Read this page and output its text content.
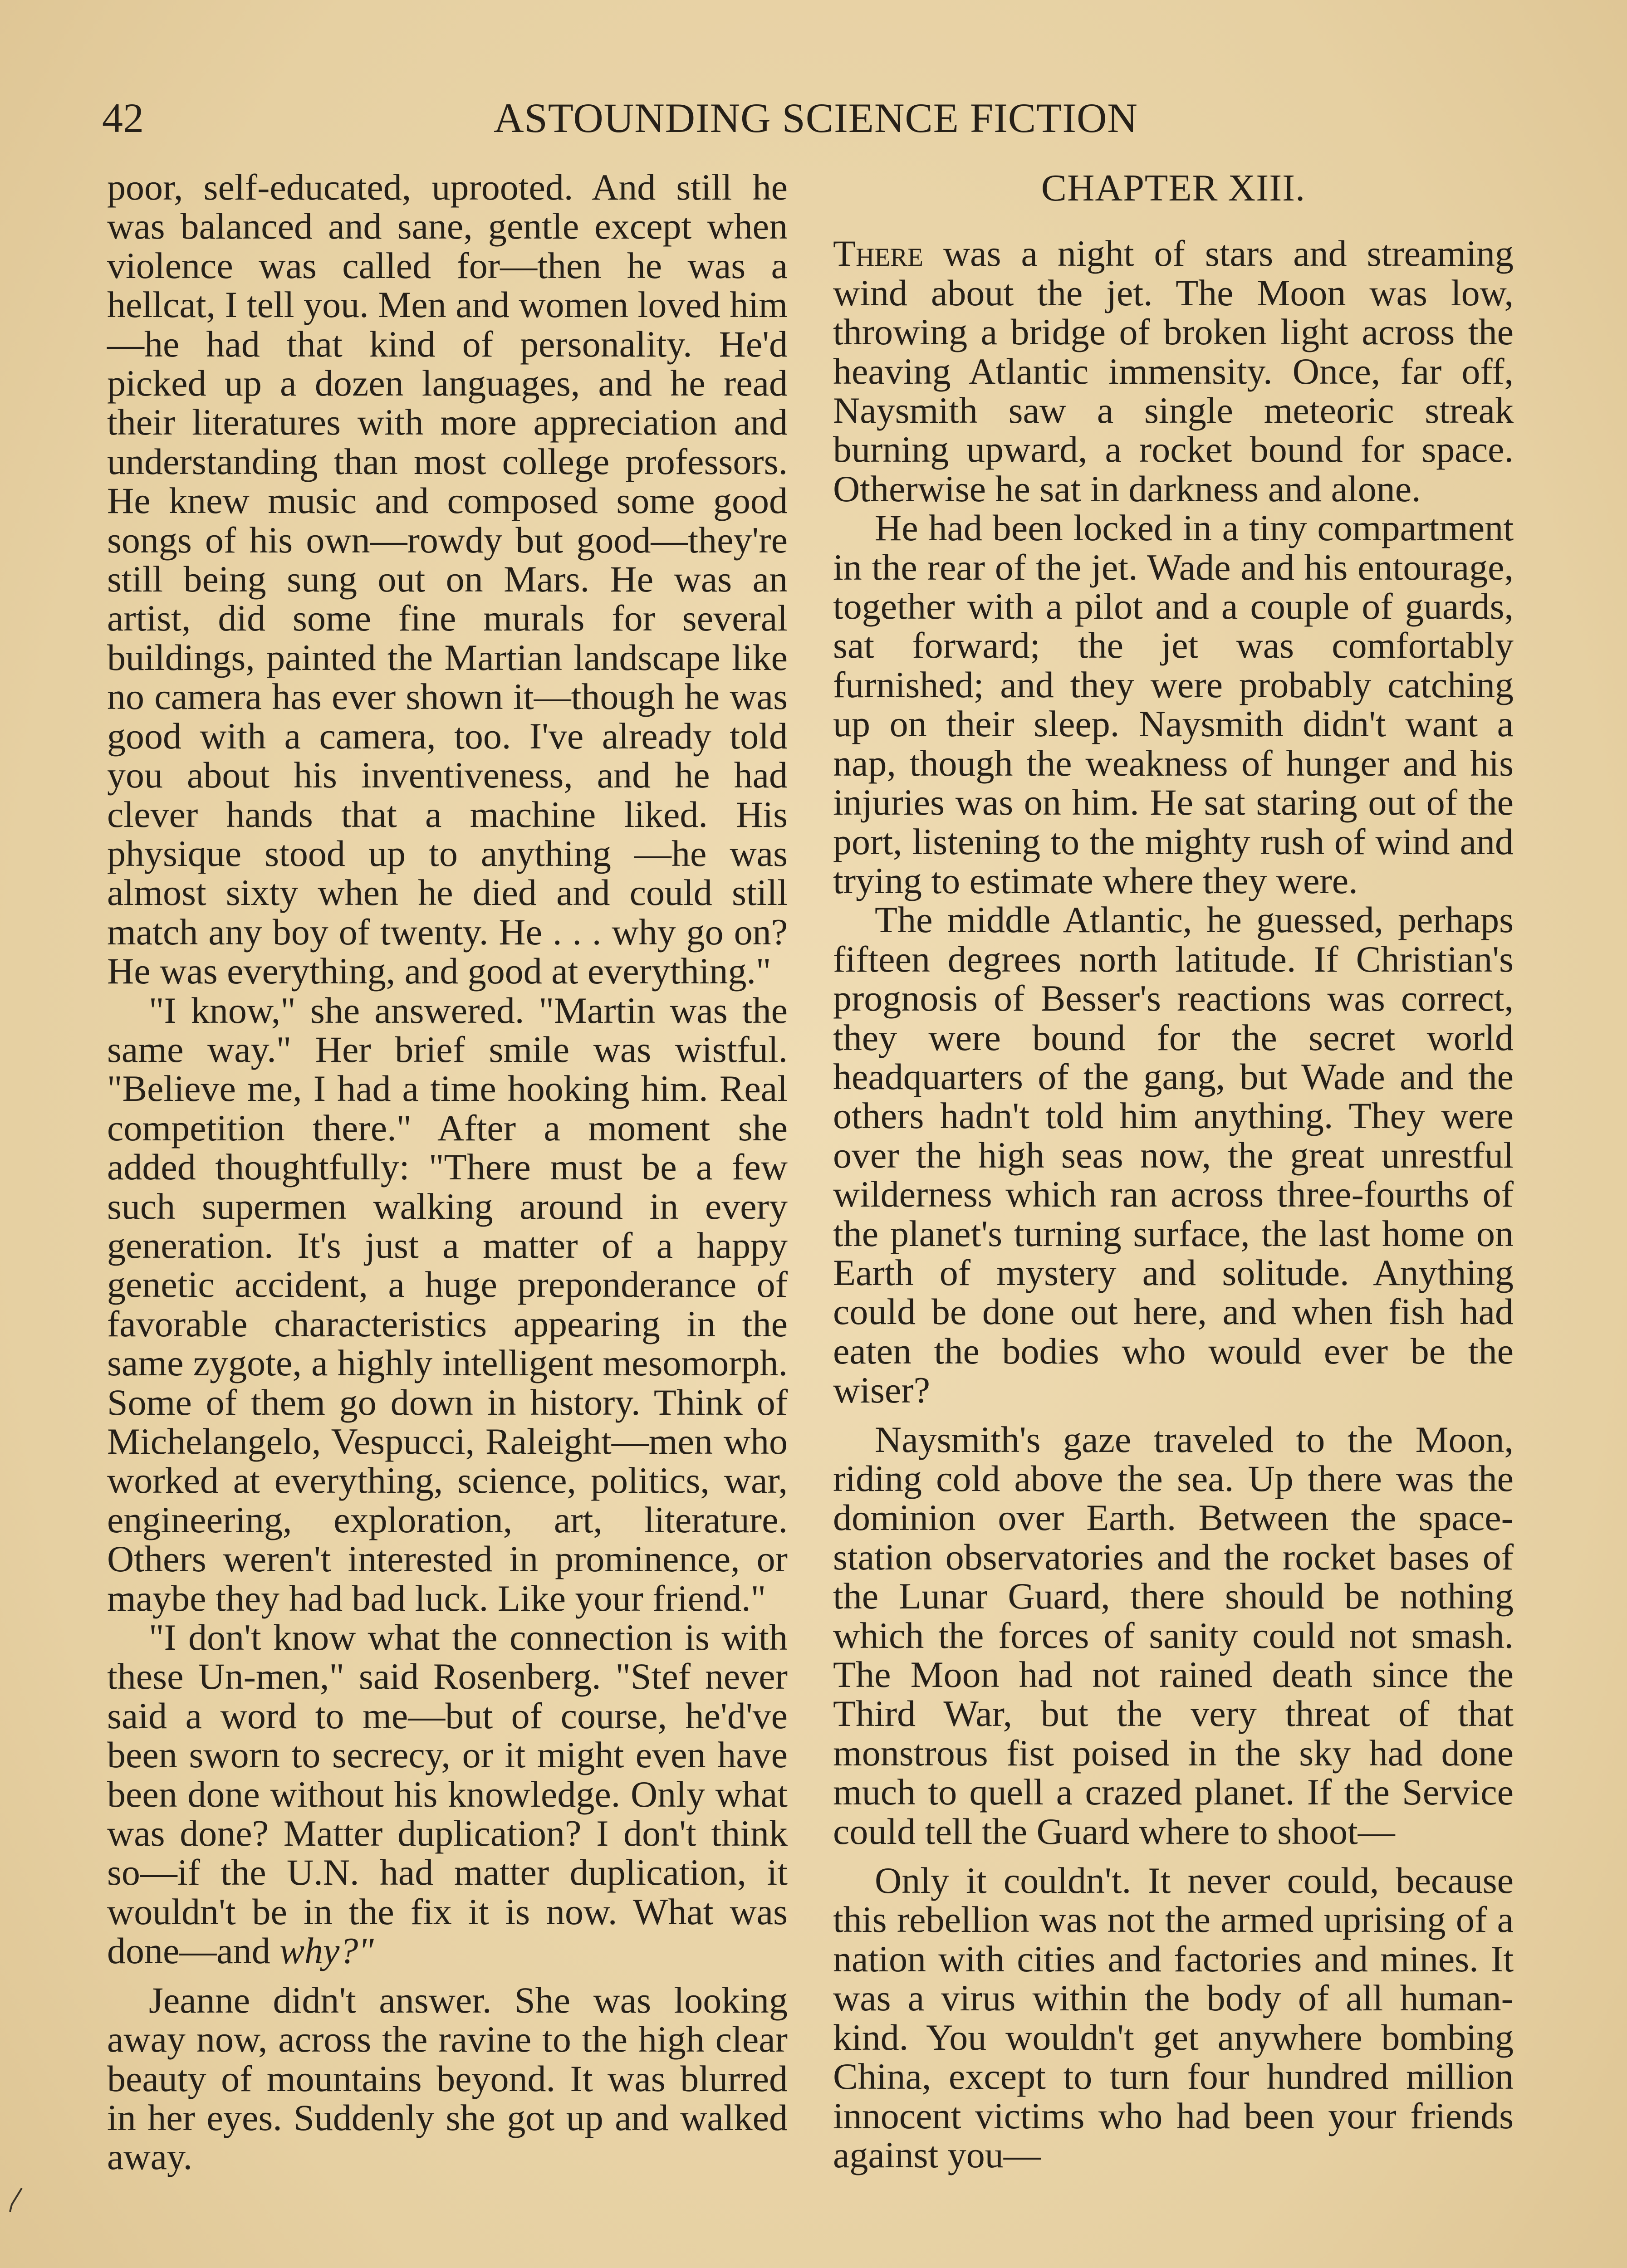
42	ASTOUNDING SCIENCE FICTION

poor, self-educated, uprooted. And still he was balanced and sane, gentle except when violence was called for—then he was a hellcat, I tell you. Men and women loved him—he had that kind of personality. He'd picked up a dozen languages, and he read their literatures with more appreciation and understanding than most college professors. He knew music and composed some good songs of his own—rowdy but good—they're still being sung out on Mars. He was an artist, did some fine murals for several buildings, painted the Martian landscape like no camera has ever shown it—though he was good with a camera, too. I've already told you about his inventiveness, and he had clever hands that a machine liked. His physique stood up to anything —he was almost sixty when he died and could still match any boy of twenty. He . . . why go on? He was everything, and good at everything."

"I know," she answered. "Martin was the same way." Her brief smile was wistful. "Believe me, I had a time hooking him. Real competition there." After a moment she added thoughtfully: "There must be a few such supermen walking around in every generation. It's just a matter of a happy genetic accident, a huge preponderance of favorable characteristics appearing in the same zygote, a highly intelligent mesomorph. Some of them go down in history. Think of Michelangelo, Vespucci, Raleight—men who worked at everything, science, politics, war, engineering, exploration, art, literature. Others weren't interested in prominence, or maybe they had bad luck. Like your friend."

"I don't know what the connection is with these Un-men," said Rosenberg. "Stef never said a word to me—but of course, he'd've been sworn to secrecy, or it might even have been done without his knowledge. Only what was done? Matter duplication? I don't think so—if the U.N. had matter duplication, it wouldn't be in the fix it is now. What was done—and why?"

Jeanne didn't answer. She was looking away now, across the ravine to the high clear beauty of mountains beyond. It was blurred in her eyes. Suddenly she got up and walked away.

CHAPTER XIII.

There was a night of stars and streaming wind about the jet. The Moon was low, throwing a bridge of broken light across the heaving Atlantic immensity. Once, far off, Naysmith saw a single meteoric streak burning upward, a rocket bound for space. Otherwise he sat in darkness and alone.

He had been locked in a tiny compartment in the rear of the jet. Wade and his entourage, together with a pilot and a couple of guards, sat forward; the jet was comfortably furnished; and they were probably catching up on their sleep. Naysmith didn't want a nap, though the weakness of hunger and his injuries was on him. He sat staring out of the port, listening to the mighty rush of wind and trying to estimate where they were.

The middle Atlantic, he guessed, perhaps fifteen degrees north latitude. If Christian's prognosis of Besser's reactions was correct, they were bound for the secret world headquarters of the gang, but Wade and the others hadn't told him anything. They were over the high seas now, the great unrestful wilderness which ran across three-fourths of the planet's turning surface, the last home on Earth of mystery and solitude. Anything could be done out here, and when fish had eaten the bodies who would ever be the wiser?

Naysmith's gaze traveled to the Moon, riding cold above the sea. Up there was the dominion over Earth. Between the space-station observatories and the rocket bases of the Lunar Guard, there should be nothing which the forces of sanity could not smash. The Moon had not rained death since the Third War, but the very threat of that monstrous fist poised in the sky had done much to quell a crazed planet. If the Service could tell the Guard where to shoot—

Only it couldn't. It never could, because this rebellion was not the armed uprising of a nation with cities and factories and mines. It was a virus within the body of all human-kind. You wouldn't get anywhere bombing China, except to turn four hundred million innocent victims who had been your friends against you—
